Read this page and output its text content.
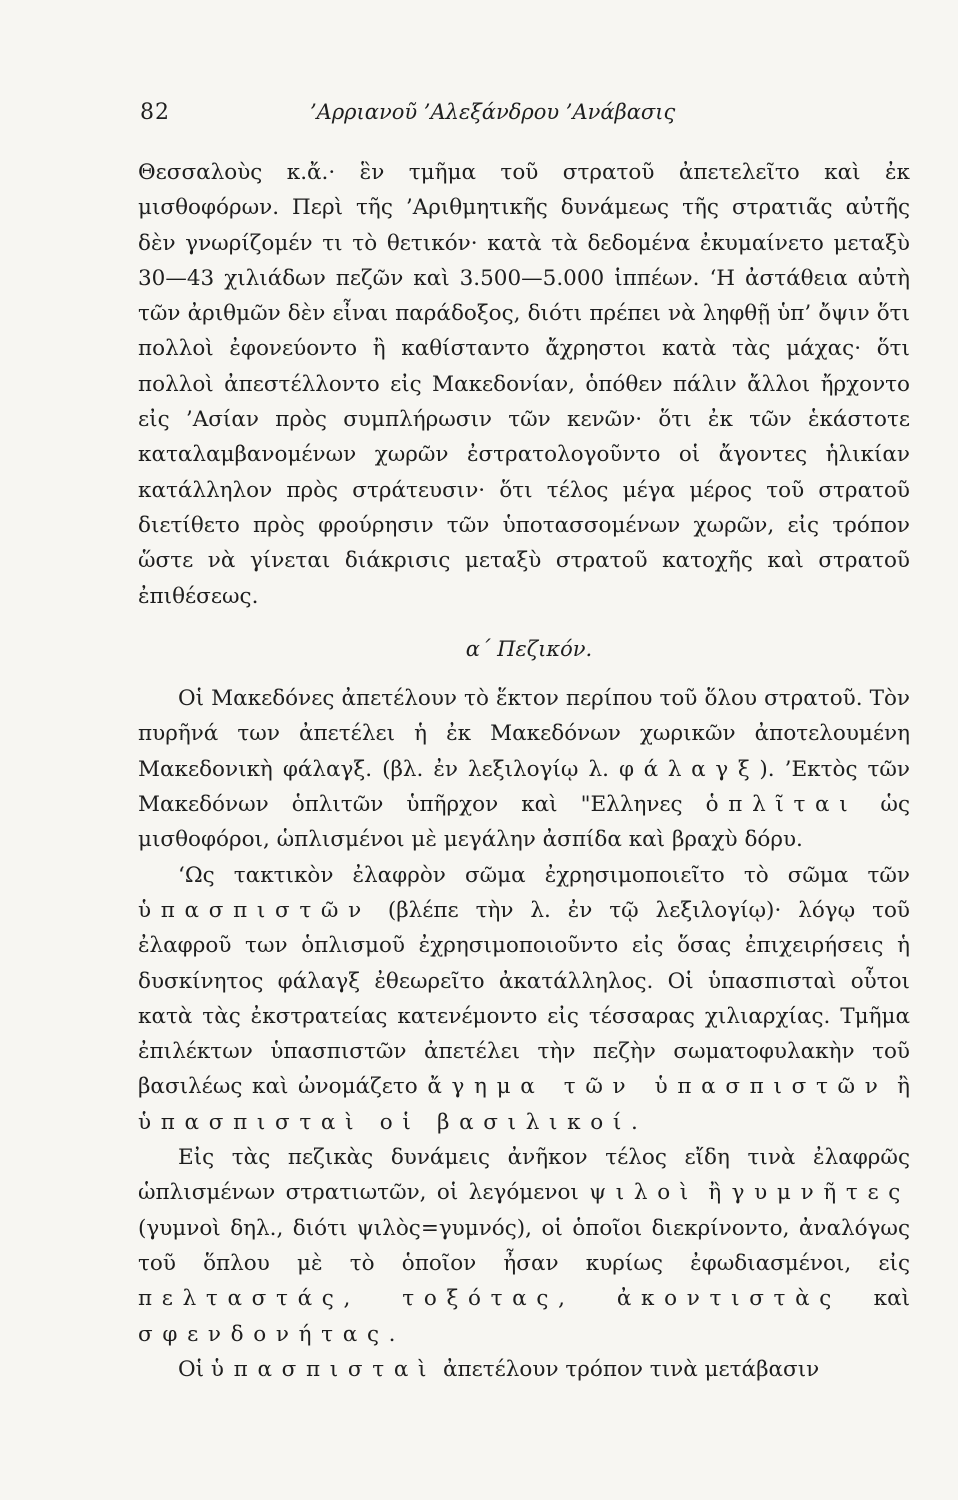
82	’Αρριανοῦ ’Αλεξάνδρου ’Ανάβασις

Θεσσαλοὺς κ.ἄ.· ἓν τμῆμα τοῦ στρατοῦ ἀπετελεῖτο καὶ ἐκ μισθοφόρων. Περὶ τῆς ’Αριθμητικῆς δυνάμεως τῆς στρατιᾶς αὐτῆς δὲν γνωρίζομέν τι τὸ θετικόν· κατὰ τὰ δεδομένα ἐκυμαίνετο μεταξὺ 30—43 χιλιάδων πεζῶν καὶ 3.500—5.000 ἱππέων. ‘Η ἀστάθεια αὐτὴ τῶν ἀριθμῶν δὲν εἶναι παράδοξος, διότι πρέπει νὰ ληφθῇ ὑπ’ ὄψιν ὅτι πολλοὶ ἐφονεύοντο ἢ καθίσταντο ἄχρηστοι κατὰ τὰς μάχας· ὅτι πολλοὶ ἀπεστέλλοντο εἰς Μακεδονίαν, ὁπόθεν πάλιν ἄλλοι ἤρχοντο εἰς ’Ασίαν πρὸς συμπλήρωσιν τῶν κενῶν· ὅτι ἐκ τῶν ἑκάστοτε καταλαμβανομένων χωρῶν ἐστρατολογοῦντο οἱ ἄγοντες ἡλικίαν κατάλληλον πρὸς στράτευσιν· ὅτι τέλος μέγα μέρος τοῦ στρατοῦ διετίθετο πρὸς φρούρησιν τῶν ὑποτασσομένων χωρῶν, εἰς τρόπον ὥστε νὰ γίνεται διάκρισις μεταξὺ στρατοῦ κατοχῆς καὶ στρατοῦ ἐπιθέσεως.

α΄ Πεζικόν.

Οἱ Μακεδόνες ἀπετέλουν τὸ ἕκτον περίπου τοῦ ὅλου στρατοῦ. Τὸν πυρῆνά των ἀπετέλει ἡ ἐκ Μακεδόνων χωρικῶν ἀποτελουμένη Μακεδονικὴ φάλαγξ. (βλ. ἐν λεξιλογίῳ λ. φάλαγξ). ’Εκτὸς τῶν Μακεδόνων ὁπλιτῶν ὑπῆρχον καὶ "Ελληνες ὁπλῖται ὡς μισθοφόροι, ὡπλισμένοι μὲ μεγάλην ἀσπίδα καὶ βραχὺ δόρυ.

‘Ως τακτικὸν ἐλαφρὸν σῶμα ἐχρησιμοποιεῖτο τὸ σῶμα τῶν ὑπασπιστῶν (βλέπε τὴν λ. ἐν τῷ λεξιλογίῳ)· λόγῳ τοῦ ἐλαφροῦ των ὁπλισμοῦ ἐχρησιμοποιοῦντο εἰς ὅσας ἐπιχειρήσεις ἡ δυσκίνητος φάλαγξ ἐθεωρεῖτο ἀκατάλληλος. Οἱ ὑπασπισταὶ οὗτοι κατὰ τὰς ἐκστρατείας κατενέμοντο εἰς τέσσαρας χιλιαρχίας. Τμῆμα ἐπιλέκτων ὑπασπιστῶν ἀπετέλει τὴν πεζὴν σωματοφυλακὴν τοῦ βασιλέως καὶ ὠνομάζετο ἄγημα τῶν ὑπασπιστῶν ἢ ὑπασπισταὶ οἱ βασιλικοί.

Εἰς τὰς πεζικὰς δυνάμεις ἀνῆκον τέλος εἴδη τινὰ ἐλαφρῶς ὡπλισμένων στρατιωτῶν, οἱ λεγόμενοι ψιλοὶ ἢ γυμνῆτες (γυμνοὶ δηλ., διότι ψιλὸς=γυμνός), οἱ ὁποῖοι διεκρίνοντο, ἀναλόγως τοῦ ὅπλου μὲ τὸ ὁποῖον ἦσαν κυρίως ἐφωδιασμένοι, εἰς πελταστάς, τοξότας, ἀκοντιστὰς καὶ σφενδονήτας.

Οἱ ὑπασπισταὶ ἀπετέλουν τρόπον τινὰ μετάβασιν
